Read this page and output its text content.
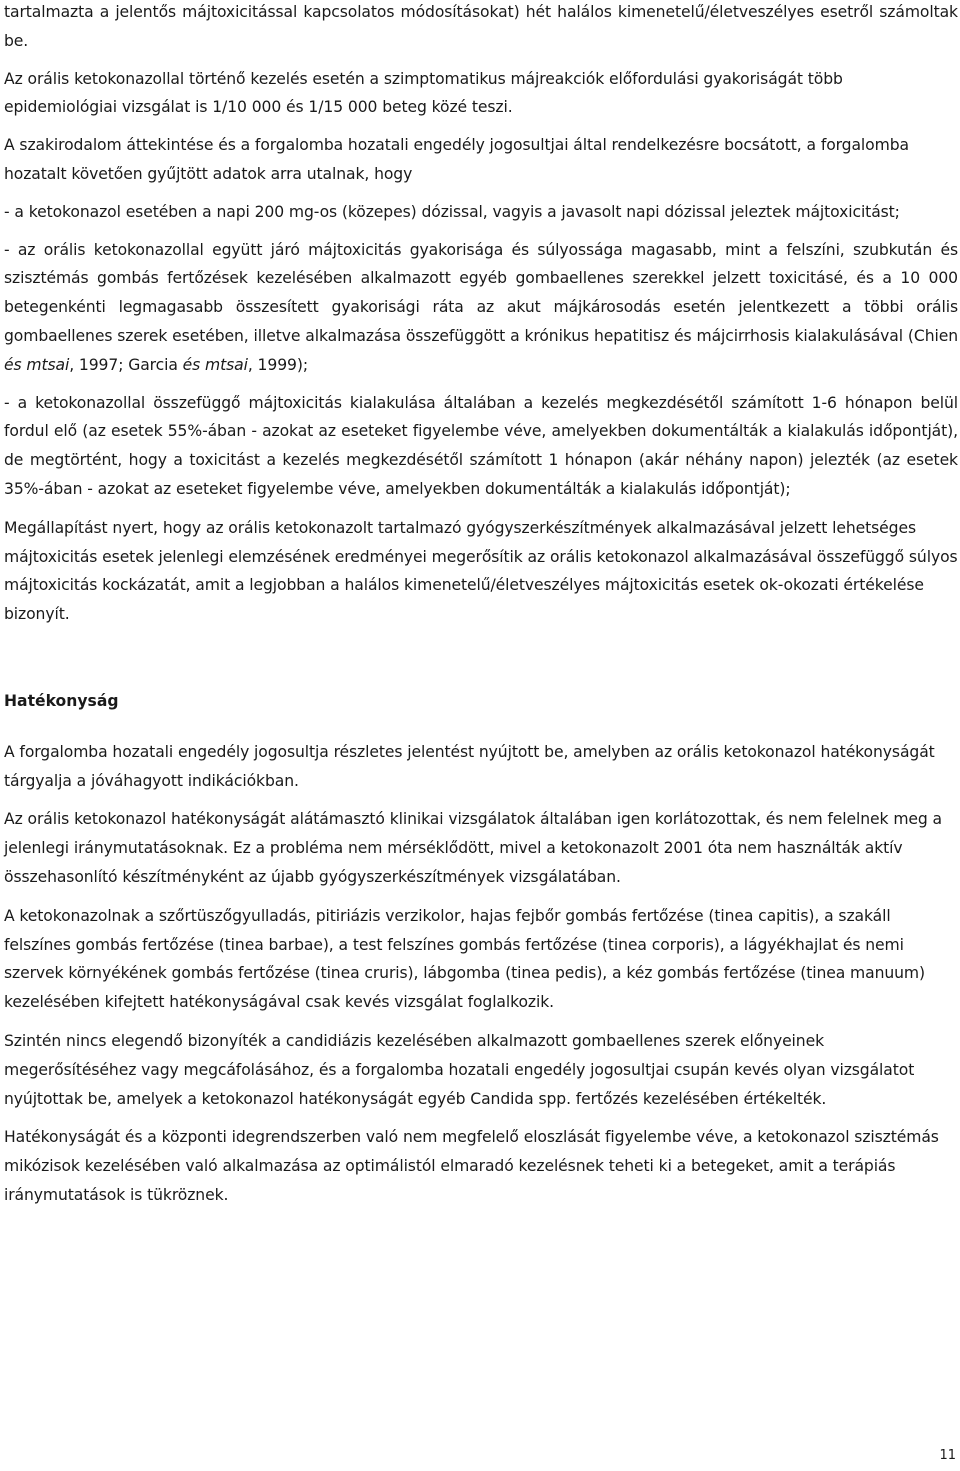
tartalmazta a jelentős májtoxicitással kapcsolatos módosításokat) hét halálos kimenetelű/életveszélyes esetről számoltak be.

Az orális ketokonazollal történő kezelés esetén a szimptomatikus májreakciók előfordulási gyakoriságát több epidemiológiai vizsgálat is 1/10 000 és 1/15 000 beteg közé teszi.

A szakirodalom áttekintése és a forgalomba hozatali engedély jogosultjai által rendelkezésre bocsátott, a forgalomba hozatalt követően gyűjtött adatok arra utalnak, hogy

- a ketokonazol esetében a napi 200 mg-os (közepes) dózissal, vagyis a javasolt napi dózissal jeleztek májtoxicitást;

- az orális ketokonazollal együtt járó májtoxicitás gyakorisága és súlyossága magasabb, mint a felszíni, szubkután és szisztémás gombás fertőzések kezelésében alkalmazott egyéb gombaellenes szerekkel jelzett toxicitásé, és a 10 000 betegenkénti legmagasabb összesített gyakorisági ráta az akut májkárosodás esetén jelentkezett a többi orális gombaellenes szerek esetében, illetve alkalmazása összefüggött a krónikus hepatitisz és májcirrhosis kialakulásával (Chien és mtsai, 1997; Garcia és mtsai, 1999);

- a ketokonazollal összefüggő májtoxicitás kialakulása általában a kezelés megkezdésétől számított 1-6 hónapon belül fordul elő (az esetek 55%-ában - azokat az eseteket figyelembe véve, amelyekben dokumentálták a kialakulás időpontját), de megtörtént, hogy a toxicitást a kezelés megkezdésétől számított 1 hónapon (akár néhány napon) jelezték (az esetek 35%-ában - azokat az eseteket figyelembe véve, amelyekben dokumentálták a kialakulás időpontját);

Megállapítást nyert, hogy az orális ketokonazolt tartalmazó gyógyszerkészítmények alkalmazásával jelzett lehetséges májtoxicitás esetek jelenlegi elemzésének eredményei megerősítik az orális ketokonazol alkalmazásával összefüggő súlyos májtoxicitás kockázatát, amit a legjobban a halálos kimenetelű/életveszélyes májtoxicitás esetek ok-okozati értékelése bizonyít.

Hatékonyság

A forgalomba hozatali engedély jogosultja részletes jelentést nyújtott be, amelyben az orális ketokonazol hatékonyságát tárgyalja a jóváhagyott indikációkban.

Az orális ketokonazol hatékonyságát alátámasztó klinikai vizsgálatok általában igen korlátozottak, és nem felelnek meg a jelenlegi iránymutatásoknak. Ez a probléma nem mérséklődött, mivel a ketokonazolt 2001 óta nem használták aktív összehasonlító készítményként az újabb gyógyszerkészítmények vizsgálatában.

A ketokonazolnak a szőrtüszőgyulladás, pitiriázis verzikolor, hajas fejbőr gombás fertőzése (tinea capitis), a szakáll felszínes gombás fertőzése (tinea barbae), a test felszínes gombás fertőzése (tinea corporis), a lágyékhajlat és nemi szervek környékének gombás fertőzése (tinea cruris), lábgomba (tinea pedis), a kéz gombás fertőzése (tinea manuum) kezelésében kifejtett hatékonyságával csak kevés vizsgálat foglalkozik.

Szintén nincs elegendő bizonyíték a candidiázis kezelésében alkalmazott gombaellenes szerek előnyeinek megerősítéséhez vagy megcáfolásához, és a forgalomba hozatali engedély jogosultjai csupán kevés olyan vizsgálatot nyújtottak be, amelyek a ketokonazol hatékonyságát egyéb Candida spp. fertőzés kezelésében értékelték.

Hatékonyságát és a központi idegrendszerben való nem megfelelő eloszlását figyelembe véve, a ketokonazol szisztémás mikózisok kezelésében való alkalmazása az optimálistól elmaradó kezelésnek teheti ki a betegeket, amit a terápiás iránymutatások is tükröznek.

11
